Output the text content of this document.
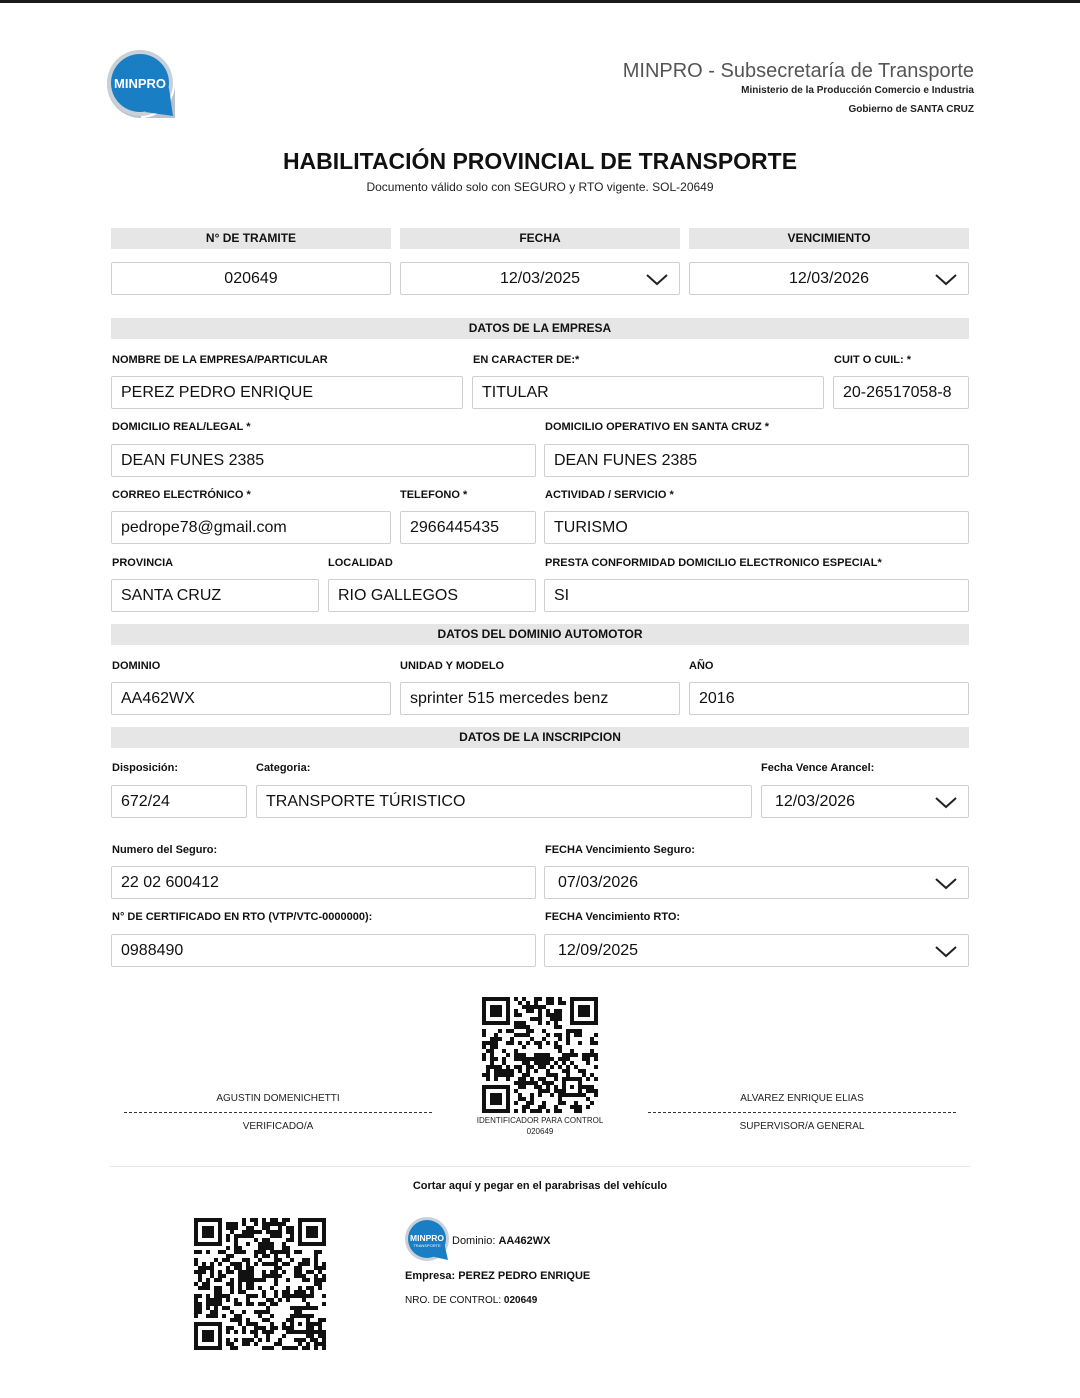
MINPRO
MINPRO - Subsecretaría de Transporte
Ministerio de la Producción Comercio e Industria
Gobierno de SANTA CRUZ
HABILITACIÓN PROVINCIAL DE TRANSPORTE
Documento válido solo con SEGURO y RTO vigente. SOL-20649
N° DE TRAMITE	FECHA	VENCIMIENTO
020649	12/03/2025	12/03/2026
DATOS DE LA EMPRESA
NOMBRE DE LA EMPRESA/PARTICULAR	EN CARACTER DE:*	CUIT O CUIL: *
PEREZ PEDRO ENRIQUE	TITULAR	20-26517058-8
DOMICILIO REAL/LEGAL *	DOMICILIO OPERATIVO EN SANTA CRUZ *
DEAN FUNES 2385	DEAN FUNES 2385
CORREO ELECTRÓNICO *	TELEFONO *	ACTIVIDAD / SERVICIO *
pedrope78@gmail.com	2966445435	TURISMO
PROVINCIA	LOCALIDAD	PRESTA CONFORMIDAD DOMICILIO ELECTRONICO ESPECIAL*
SANTA CRUZ	RIO GALLEGOS	SI
DATOS DEL DOMINIO AUTOMOTOR
DOMINIO	UNIDAD Y MODELO	AÑO
AA462WX	sprinter 515 mercedes benz	2016
DATOS DE LA INSCRIPCION
Disposición:	Categoria:	Fecha Vence Arancel:
672/24	TRANSPORTE TÚRISTICO	12/03/2026
Numero del Seguro:	FECHA Vencimiento Seguro:
22 02 600412	07/03/2026
N° DE CERTIFICADO EN RTO (VTP/VTC-0000000):	FECHA Vencimiento RTO:
0988490	12/09/2025
AGUSTIN DOMENICHETTI
VERIFICADO/A
IDENTIFICADOR PARA CONTROL
020649
ALVAREZ ENRIQUE ELIAS
SUPERVISOR/A GENERAL
Cortar aquí y pegar en el parabrisas del vehículo
MINPRO
TRANSPORTE Dominio: AA462WX
Empresa: PEREZ PEDRO ENRIQUE
NRO. DE CONTROL: 020649
